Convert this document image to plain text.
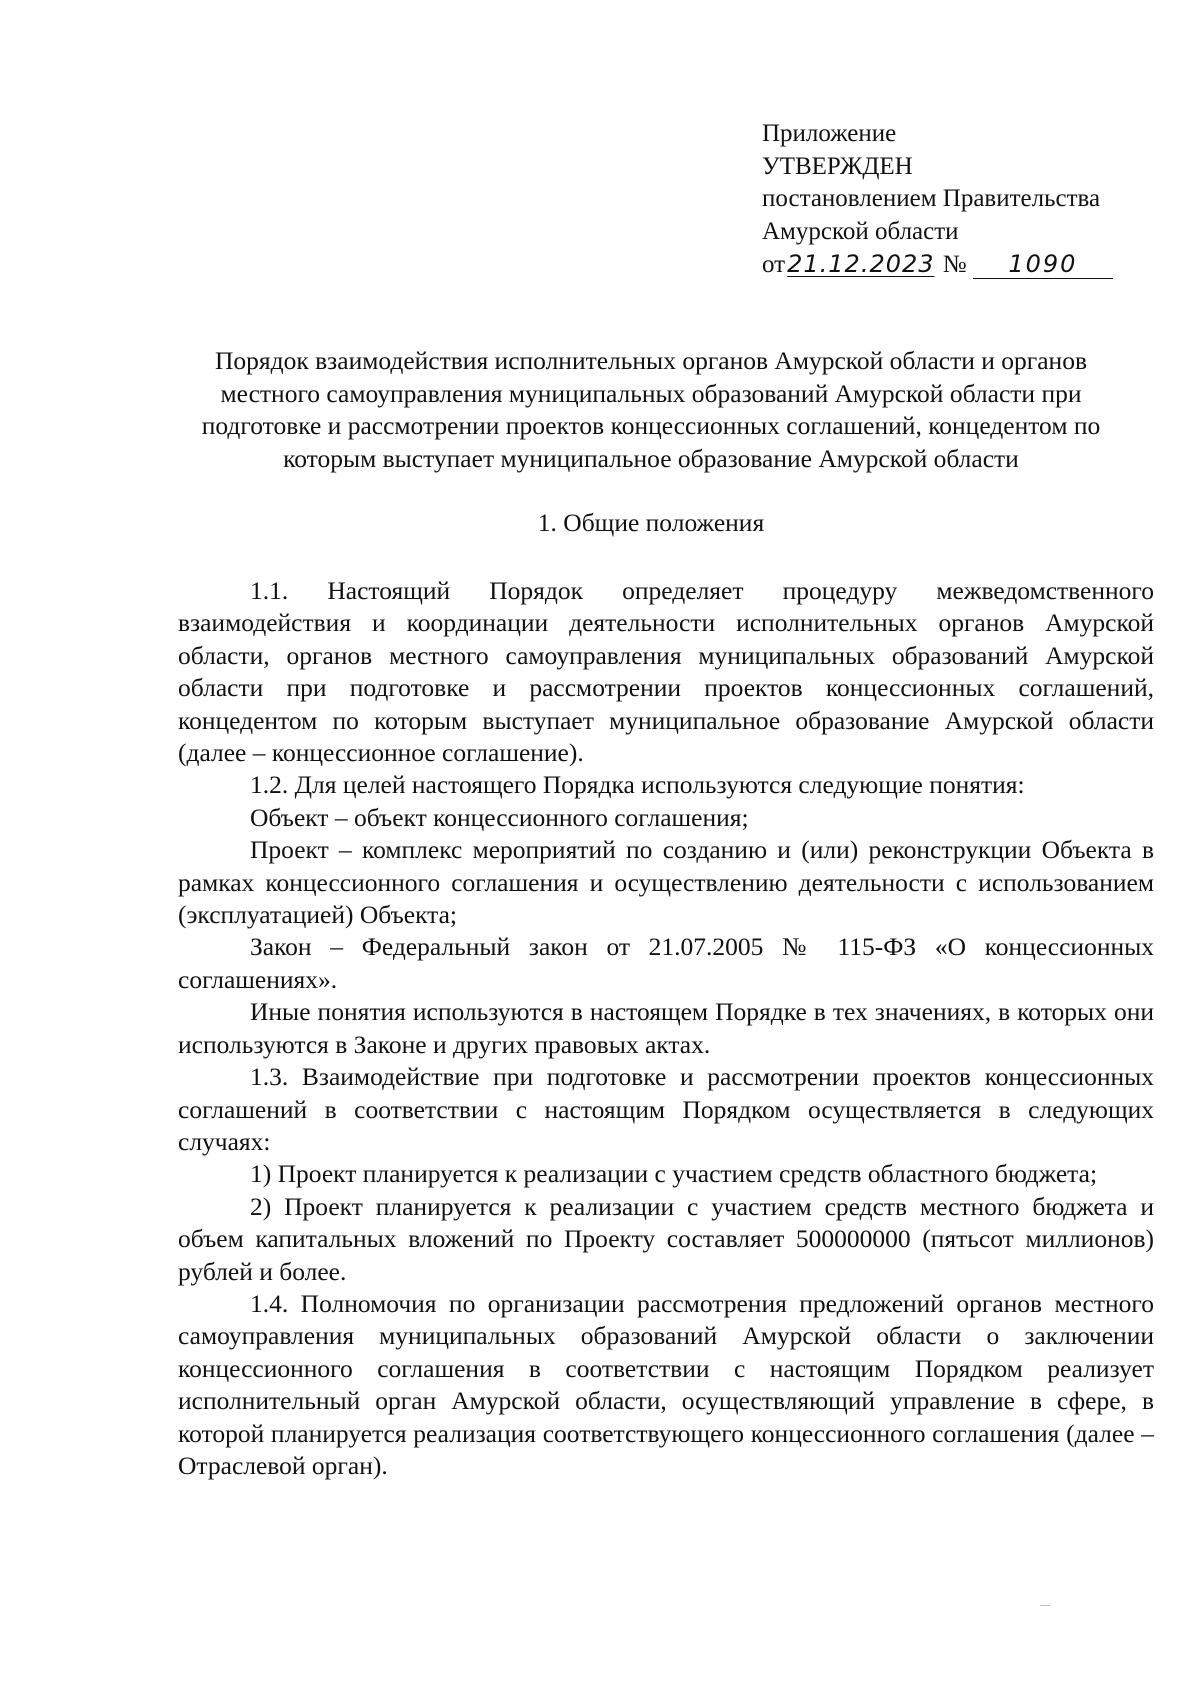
Приложение
УТВЕРЖДЕН
постановлением Правительства
Амурской области
от21.12.2023 № 1090
Порядок взаимодействия исполнительных органов Амурской области и органов местного самоуправления муниципальных образований Амурской области при подготовке и рассмотрении проектов концессионных соглашений, концедентом по которым выступает муниципальное образование Амурской области
1. Общие положения

1.1. Настоящий Порядок определяет процедуру межведомственного взаимодействия и координации деятельности исполнительных органов Амурской области, органов местного самоуправления муниципальных образований Амурской области при подготовке и рассмотрении проектов концессионных соглашений, концедентом по которым выступает муниципальное образование Амурской области (далее – концессионное соглашение).

1.2. Для целей настоящего Порядка используются следующие понятия:

Объект – объект концессионного соглашения;

Проект – комплекс мероприятий по созданию и (или) реконструкции Объекта в рамках концессионного соглашения и осуществлению деятельности с использованием (эксплуатацией) Объекта;

Закон – Федеральный закон от 21.07.2005 № 115-ФЗ «О концессионных соглашениях».

Иные понятия используются в настоящем Порядке в тех значениях, в которых они используются в Законе и других правовых актах.

1.3. Взаимодействие при подготовке и рассмотрении проектов концессионных соглашений в соответствии с настоящим Порядком осуществляется в следующих случаях:

1) Проект планируется к реализации с участием средств областного бюджета;

2) Проект планируется к реализации с участием средств местного бюджета и объем капитальных вложений по Проекту составляет 500000000 (пятьсот миллионов) рублей и более.

1.4. Полномочия по организации рассмотрения предложений органов местного самоуправления муниципальных образований Амурской области о заключении концессионного соглашения в соответствии с настоящим Порядком реализует исполнительный орган Амурской области, осуществляющий управление в сфере, в которой планируется реализация соответствующего концессионного соглашения (далее – Отраслевой орган).
